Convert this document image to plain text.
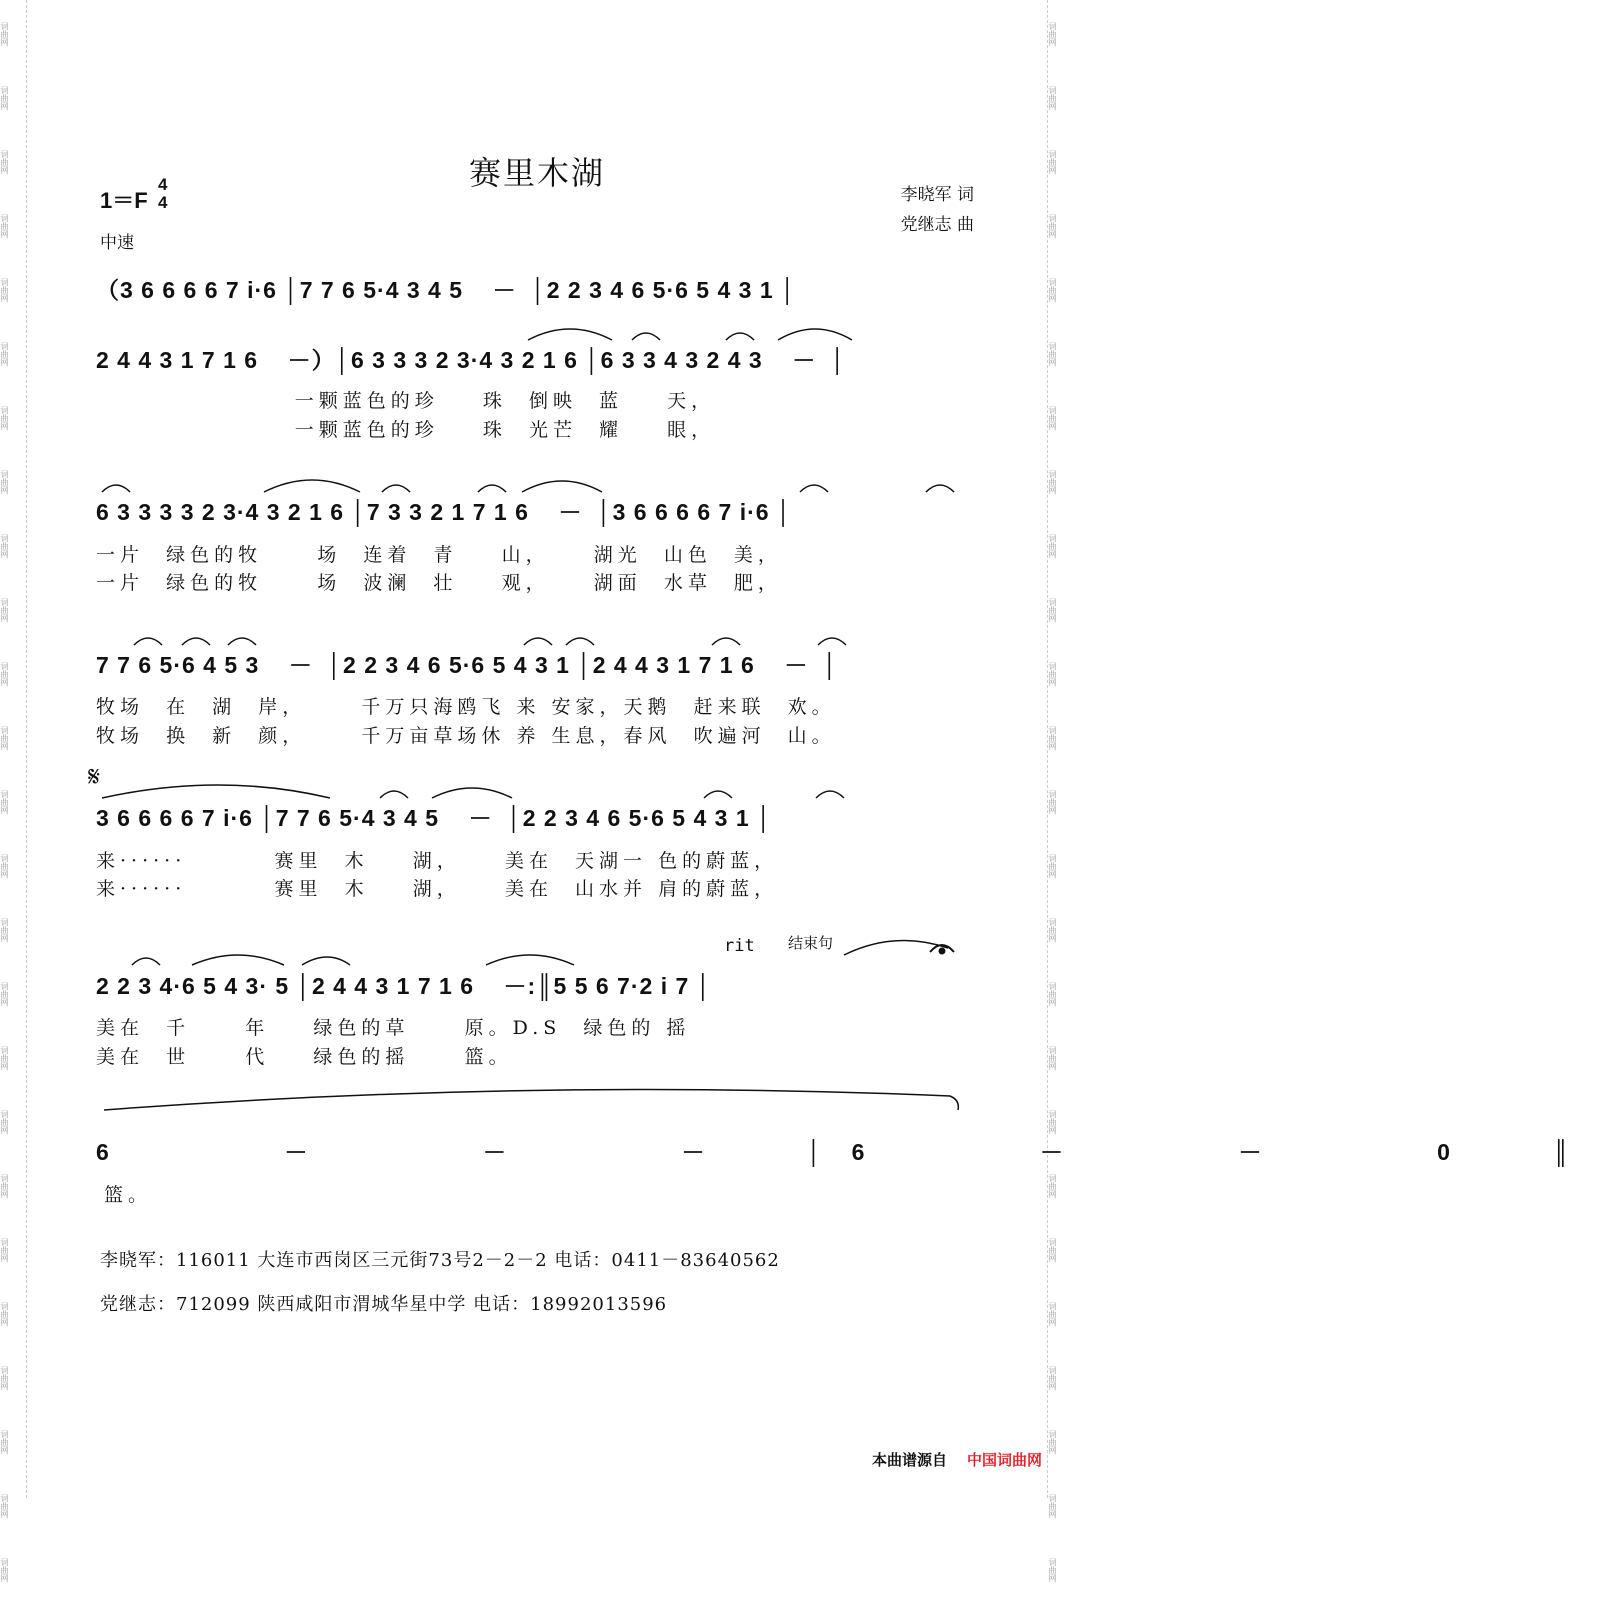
词曲网
词曲网
词曲网
词曲网
词曲网
词曲网
词曲网
词曲网
词曲网
词曲网
词曲网
词曲网
词曲网
词曲网
词曲网
词曲网
词曲网
词曲网
词曲网
词曲网
词曲网
词曲网
词曲网
词曲网
词曲网
词曲网
词曲网
词曲网
词曲网
词曲网
词曲网
词曲网
词曲网
词曲网
词曲网
词曲网
词曲网
词曲网
词曲网
词曲网
词曲网
词曲网
词曲网
词曲网
词曲网
词曲网
词曲网
词曲网
词曲网
词曲网
赛里木湖
1＝F
4
4
中速
李晓军 词
党继志 曲
（3 6 6 6 6 7 i·6 │7 7 6 5·4 3 4 5    －  │2 2 3 4 6 5·6 5 4 3 1 │
2 4 4 3 1 7 1 6    －）│6 3 3 3 2 3·4 3 2 1 6 │6 3 3 4 3 2 4 3    －  │
一颗蓝色的珍    珠  倒映  蓝    天，
一颗蓝色的珍    珠  光芒  耀    眼，
6 3 3 3 3 2 3·4 3 2 1 6 │7 3 3 2 1 7 1 6    －  │3 6 6 6 6 7 i·6 │
一片  绿色的牧     场  连着  青    山，    湖光  山色  美，
一片  绿色的牧     场  波澜  壮    观，    湖面  水草  肥，
7 7 6 5·6 4 5 3    －  │2 2 3 4 6 5·6 5 4 3 1 │2 4 4 3 1 7 1 6    －  │
牧场  在  湖  岸，     千万只海鸥飞 来 安家，天鹅  赶来联  欢。
牧场  换  新  颜，     千万亩草场休 养 生息，春风  吹遍河  山。
𝄋
3 6 6 6 6 7 i·6 │7 7 6 5·4 3 4 5    －  │2 2 3 4 6 5·6 5 4 3 1 │
来······        赛里  木    湖，    美在  天湖一 色的蔚蓝，
来······        赛里  木    湖，    美在  山水并 肩的蔚蓝，
rit 结束句
2 2 3 4·6 5 4 3· 5 │2 4 4 3 1 7 1 6    －:║5 5 6 7·2 i 7 │
美在  千     年    绿色的草     原。D.S  绿色的 摇
美在  世     代    绿色的摇     篮。
6    －    －    －  │6    －    －    0  ║
篮。
李晓军：116011 大连市西岗区三元街73号2－2－2 电话：0411－83640562
党继志：712099 陕西咸阳市渭城华星中学 电话：18992013596
本曲谱源自 中国词曲网
